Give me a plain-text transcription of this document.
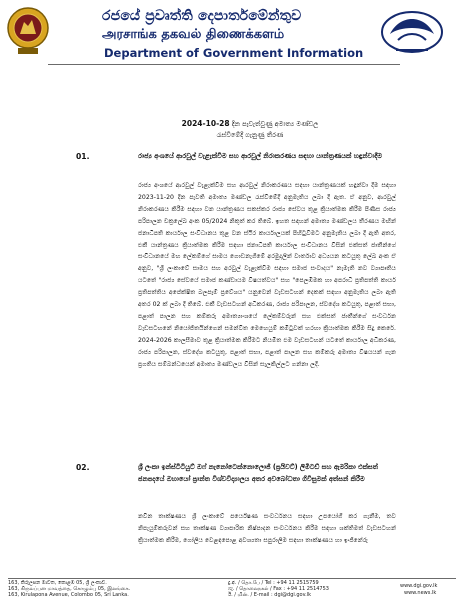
රජයේ ප්‍රවෘත්ති දෙපාර්තමේන්තුව
அரசாங்க தகவல் திணைக்களம்
Department of Government Information
2024-10-28 දින පැවැත්වුණු අමාත්‍ය මණ්ඩල
රැස්වීමේදී ගැනුණු තීරණ
01.	රාජ්‍ය අංශයේ ආරවුල් වැළැක්වීම සහ ආරවුල් නිරාකරණය සඳහා යාන්ත්‍රණයක් හඳුන්වාදීම
රාජ්‍ය අංශයේ ආරවුල් වැළැක්වීම සහ ආරවුල් නිරාකරණය සඳහා යාන්ත්‍රණයක් හඳුන්වා දීම සඳහා 2023-11-20 දින පැවති අමාත්‍ය මණ්ඩල රැස්වීමේදී අනුමැතිය ලබා දී ඇත. ඒ අනුව, ආරවුල් නිරාකරණය කිරීම සඳහා වන යාන්ත්‍රණය සකස්කර රාජ්‍ය සේවය තුළ ක්‍රියාත්මක කිරීම පිණිස රාජ්‍ය පරිපාලන චක්‍රලේඛ අංක 05/2024 නිකුත් කර තිබේ. ඉහත සඳහන් අමාත්‍ය මණ්ඩලය තීරණය මඟින් ජනාධිපති කාර්යාල සංවිධානය තුළ වන ස්ථිර කාර්යාලයක් පිහිටුවීමට අනුමැතිය ලබා දී ඇති අතර, එකී යාන්ත්‍රණය ක්‍රියාත්මක කිරීම සඳහා ජනාධිපති කාර්යාල සංවිධානය විසින් එක්සත් ජාතීන්ගේ සංවිධානයේ මහ ලේකම්ගේ සාමය ගොඩනැගීමේ අරමුදලින් වාර්තාව අධ්‍යයන කටයුතු ලේඛ අංක ඒ අනුව, "ශ්‍රී ලංකාවේ සාමය සහ අරවුල් වැළැක්වීම සඳහා සමාජ සංවාදය" නැමැති නව ව්‍යාපෘතිය යටතේ "රාජ්‍ය සේවයේ සමාජ කණ්ඩායම විෂයත්වය" සහ "පෙලඹීමක හා අපරාධී ප්‍රතිපත්ති කාර්ය ප්‍රතිපත්තිය අපේක්ෂිත බලපෑම් ප්‍රවේශය" යනුවෙන් වැඩසටහන් දෙකක් සඳහා අනුමැතිය ලබා ඇති අතර 02 ක් ලබා දී තිබේ. එකී වැඩසටහන් අධිකරණ, රාජ්‍ය පරිපාලන, ස්වදේශ කටයුතු, පළාත් සභා, පළාත් පාලන සහ කම්කරු අමාත්‍යාංශයේ ලේකම්වරුන් සහ එක්සත් ජාතීන්ගේ සංවර්ධන වැඩසටහනේ නියෝජිතයින්ගෙන් සමන්විත මෙහෙයුම් කමිටුවක් හරහා ක්‍රියාත්මක කිරීම සිදු කෙරේ. 2024-2026 කාලසීමාව තුළ ක්‍රියාත්මක කිරීමට නියමිත එම වැඩසටහන් යටතේ කාර්යාල අධිකරණ, රාජ්‍ය පරිපාලන, ස්වදේශ කටයුතු, පළාත් සභා, පළාත් පාලන සහ කම්කරු අමාත්‍ය විෂයයන් ගැන ප්‍රගතිය සම්බන්ධයෙන් අමාත්‍ය මණ්ඩලය විසින් සැලකිල්ලට ගන්නා ලදී.
02.	ශ්‍රී ලංකා ඉන්ස්ටිටියුට් ඔෆ් නැනෝටෙක්නොලොජි (ප්‍රයිවට්) ලිමිටඩ් සහ ඇමරිකා එක්සත් ජනපදයේ ඔහායෝ ප්‍රාන්ත විශ්වවිද්‍යාලය අතර අවබෝධතා ගිවිසුමක් අත්සන් කිරීම
නවීන තාක්ෂණය ශ්‍රී ලංකාවේ පර්යේෂණ සංවර්ධනය සඳහා උපයෝගී කර ගැනීම, තව නිපැයුම්කරුවන් සහ තාක්ෂණ ව්‍යාපාරික නිෂ්පාදන සංවර්ධනය කිරීම සඳහා ශක්තිමත් වැඩසටහන් ක්‍රියාත්මක කිරීම, ගෝලීය වෙළඳපොළ අවශ්‍යතා සපුරාලීම සඳහා තාක්ෂණය හා ඉංජිනේරු
163, කිරුලපන මාවත, කොළඹ 05, ශ්‍රී ලංකාව.
163, கிருலப்பன மாவத்தை, கொழும்பு 05, இலங்கை.
163, Kirulapona Avenue, Colombo 05, Sri Lanka.
දු.අ. / தொ.பே / Tel : +94 11 2515759
ෆැ. / தொலைநகல் / Fax : +94 11 2514753
ඊ. / மின். / E-mail : dgi@dgi.gov.lk
www.dgi.gov.lk
www.news.lk
